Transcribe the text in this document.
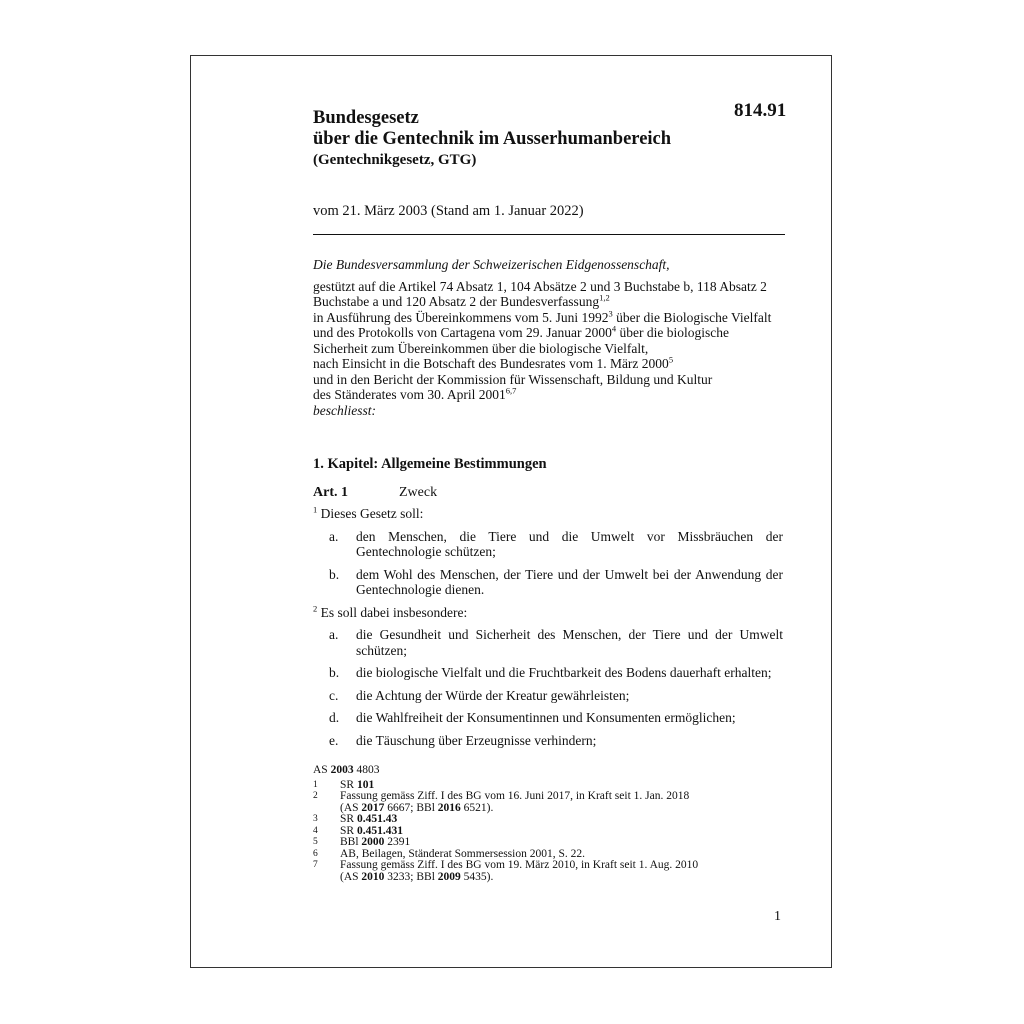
814.91
Bundesgesetz
über die Gentechnik im Ausserhumanbereich
(Gentechnikgesetz, GTG)
vom 21. März 2003 (Stand am 1. Januar 2022)
Die Bundesversammlung der Schweizerischen Eidgenossenschaft,
gestützt auf die Artikel 74 Absatz 1, 104 Absätze 2 und 3 Buchstabe b, 118 Absatz 2
Buchstabe a und 120 Absatz 2 der Bundesverfassung$^{1,2}$
in Ausführung des Übereinkommens vom 5. Juni 1992$^3$ über die Biologische Vielfalt
und des Protokolls von Cartagena vom 29. Januar 2000$^4$ über die biologische
Sicherheit zum Übereinkommen über die biologische Vielfalt,
nach Einsicht in die Botschaft des Bundesrates vom 1. März 2000$^5$
und in den Bericht der Kommission für Wissenschaft, Bildung und Kultur
des Ständerates vom 30. April 2001$^{6,7}$
beschliesst:
1. Kapitel: Allgemeine Bestimmungen
Art. 1	Zweck
$^1$ Dieses Gesetz soll:
a.	den Menschen, die Tiere und die Umwelt vor Missbräuchen der Gentechnologie schützen;
b.	dem Wohl des Menschen, der Tiere und der Umwelt bei der Anwendung der Gentechnologie dienen.
$^2$ Es soll dabei insbesondere:
a.	die Gesundheit und Sicherheit des Menschen, der Tiere und der Umwelt schützen;
b.	die biologische Vielfalt und die Fruchtbarkeit des Bodens dauerhaft erhalten;
c.	die Achtung der Würde der Kreatur gewährleisten;
d.	die Wahlfreiheit der Konsumentinnen und Konsumenten ermöglichen;
e.	die Täuschung über Erzeugnisse verhindern;
AS 2003 4803
1	SR 101
2	Fassung gemäss Ziff. I des BG vom 16. Juni 2017, in Kraft seit 1. Jan. 2018
(AS 2017 6667; BBl 2016 6521).
3	SR 0.451.43
4	SR 0.451.431
5	BBl 2000 2391
6	AB, Beilagen, Ständerat Sommersession 2001, S. 22.
7	Fassung gemäss Ziff. I des BG vom 19. März 2010, in Kraft seit 1. Aug. 2010
(AS 2010 3233; BBl 2009 5435).
1
